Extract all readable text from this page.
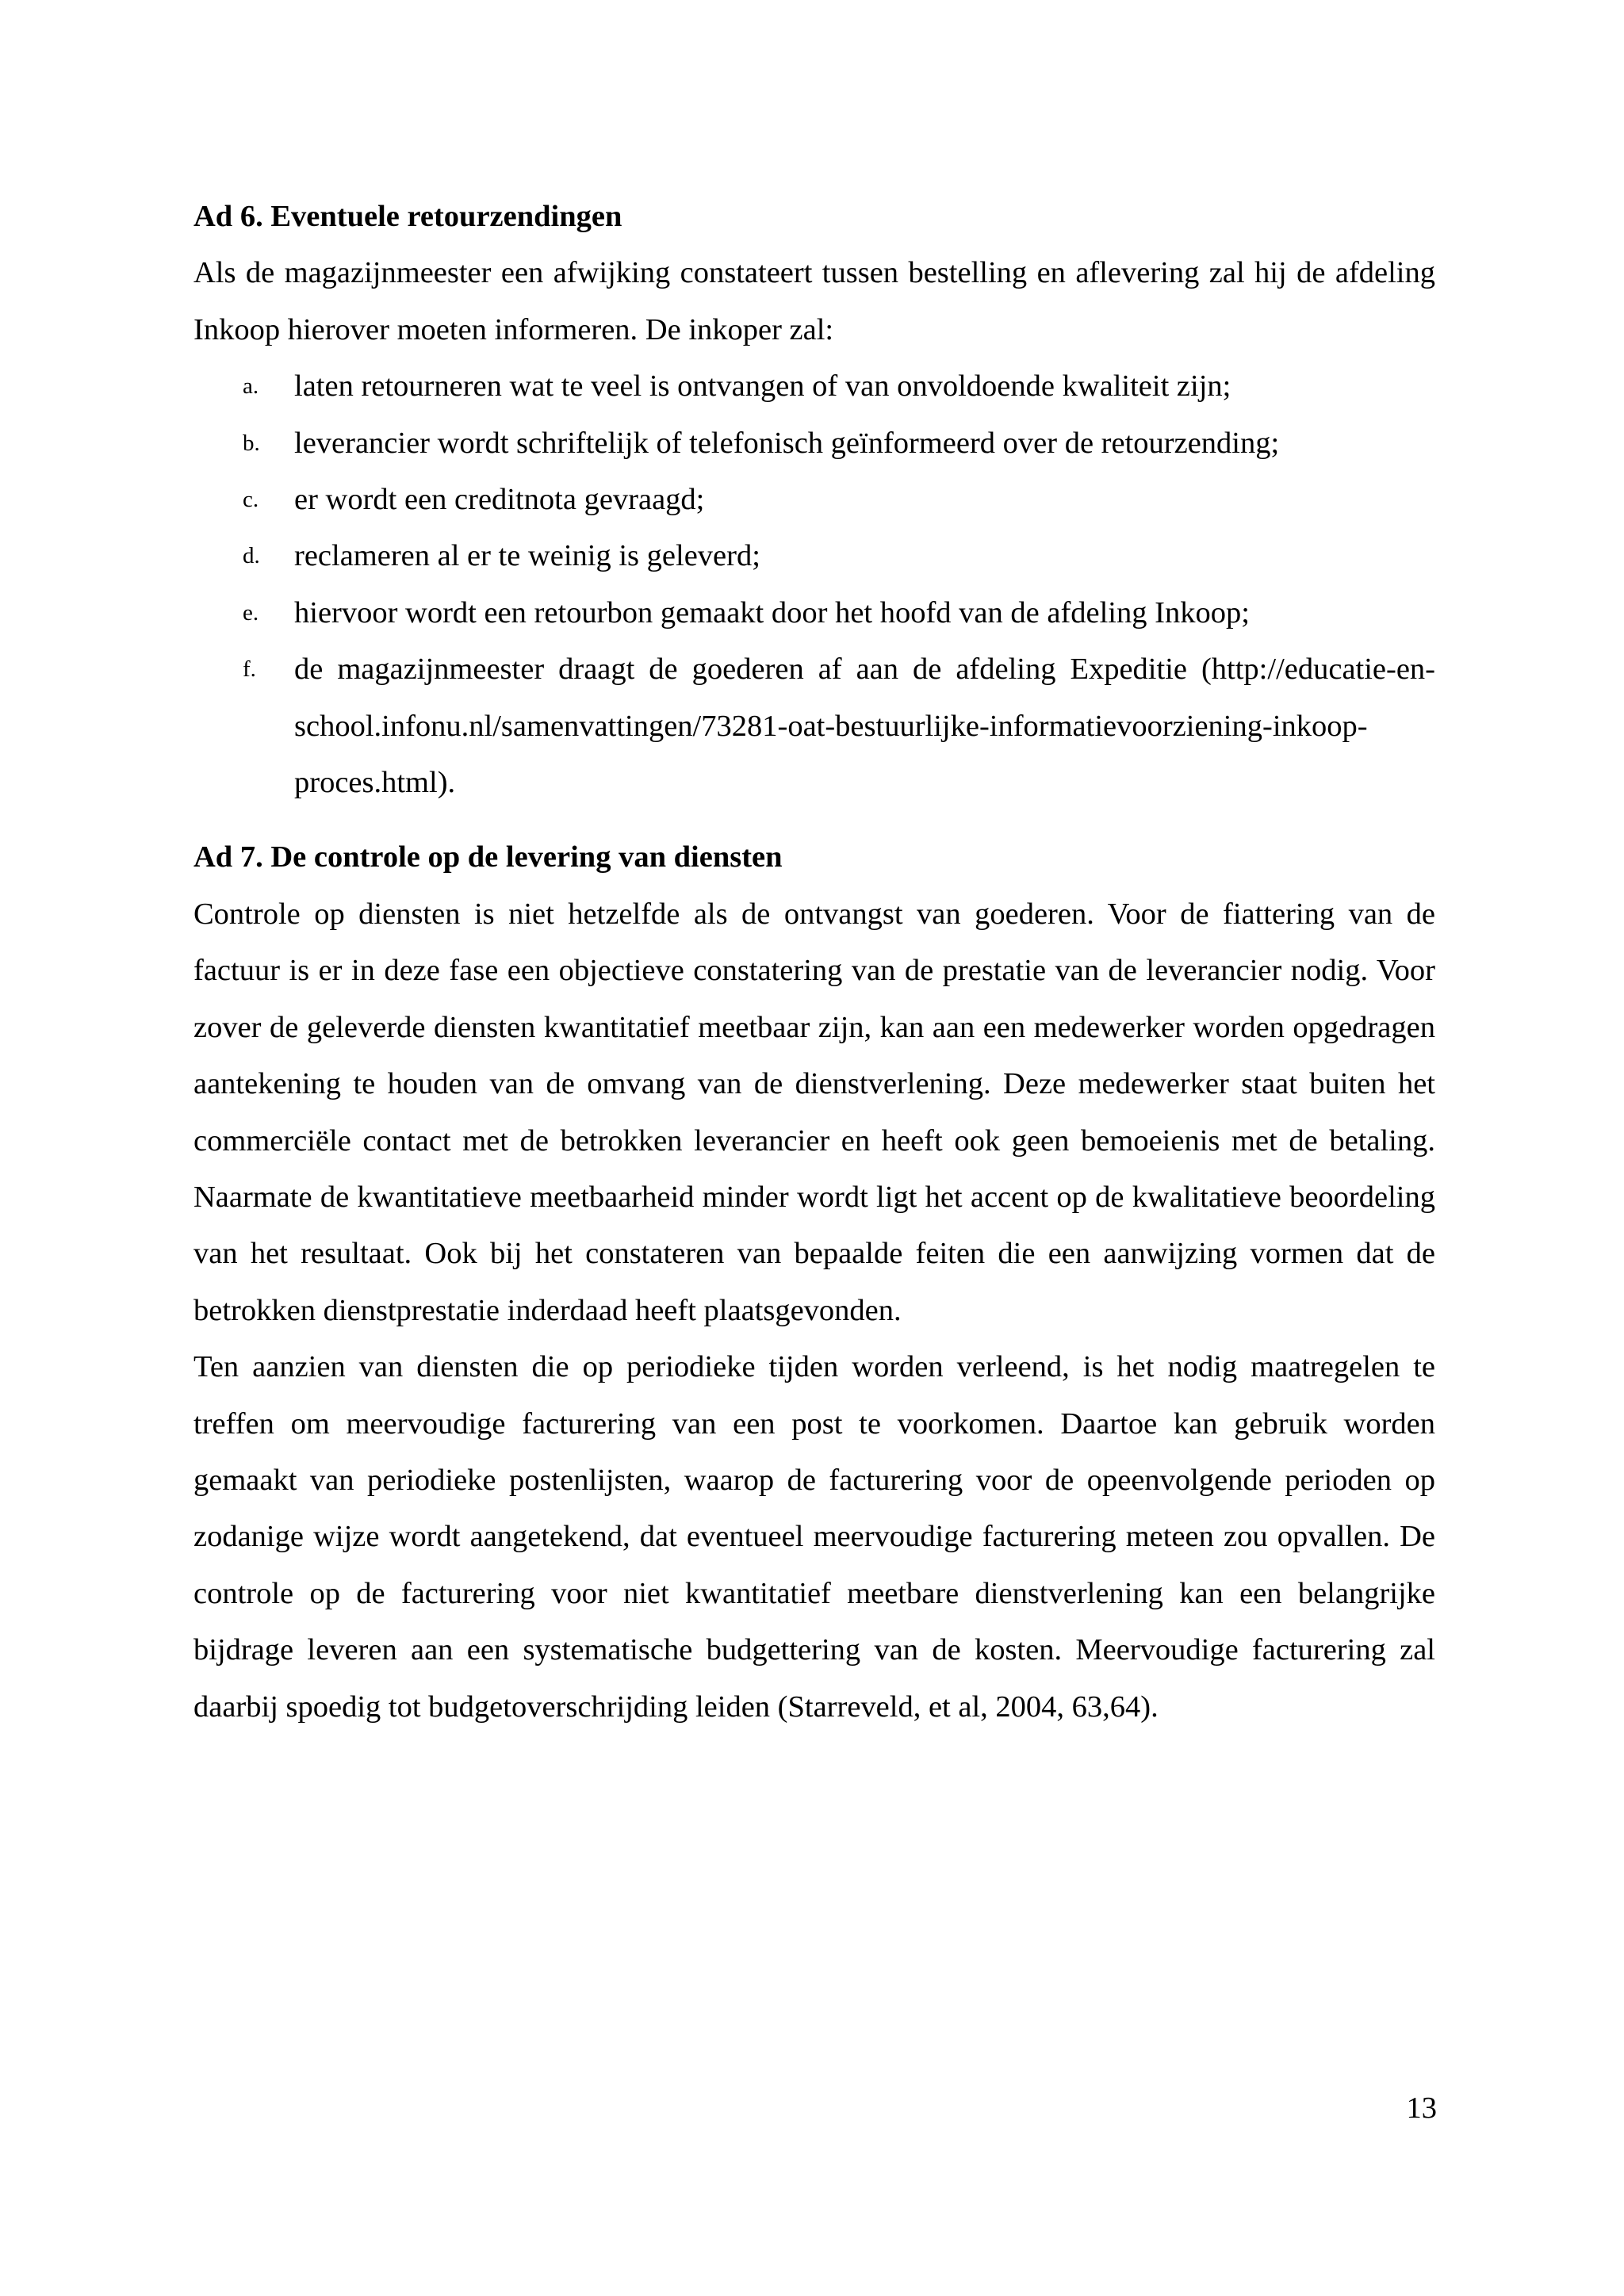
Ad 6. Eventuele retourzendingen

Als de magazijnmeester een afwijking constateert tussen bestelling en aflevering zal hij de afdeling Inkoop hierover moeten informeren. De inkoper zal:

a. laten retourneren wat te veel is ontvangen of van onvoldoende kwaliteit zijn;
b. leverancier wordt schriftelijk of telefonisch geïnformeerd over de retourzending;
c. er wordt een creditnota gevraagd;
d. reclameren al er te weinig is geleverd;
e. hiervoor wordt een retourbon gemaakt door het hoofd van de afdeling Inkoop;
f. de magazijnmeester draagt de goederen af aan de afdeling Expeditie (http://educatie-en-school.infonu.nl/samenvattingen/73281-oat-bestuurlijke-informatievoorziening-inkoop-proces.html).
Ad 7. De controle op de levering van diensten

Controle op diensten is niet hetzelfde als de ontvangst van goederen. Voor de fiattering van de factuur is er in deze fase een objectieve constatering van de prestatie van de leverancier nodig. Voor zover de geleverde diensten kwantitatief meetbaar zijn, kan aan een medewerker worden opgedragen aantekening te houden van de omvang van de dienstverlening. Deze medewerker staat buiten het commerciële contact met de betrokken leverancier en heeft ook geen bemoeienis met de betaling. Naarmate de kwantitatieve meetbaarheid minder wordt ligt het accent op de kwalitatieve beoordeling van het resultaat. Ook bij het constateren van bepaalde feiten die een aanwijzing vormen dat de betrokken dienstprestatie inderdaad heeft plaatsgevonden.

Ten aanzien van diensten die op periodieke tijden worden verleend, is het nodig maatregelen te treffen om meervoudige facturering van een post te voorkomen. Daartoe kan gebruik worden gemaakt van periodieke postenlijsten, waarop de facturering voor de opeenvolgende perioden op zodanige wijze wordt aangetekend, dat eventueel meervoudige facturering meteen zou opvallen. De controle op de facturering voor niet kwantitatief meetbare dienstverlening kan een belangrijke bijdrage leveren aan een systematische budgettering van de kosten. Meervoudige facturering zal daarbij spoedig tot budgetoverschrijding leiden (Starreveld, et al, 2004, 63,64).

13
